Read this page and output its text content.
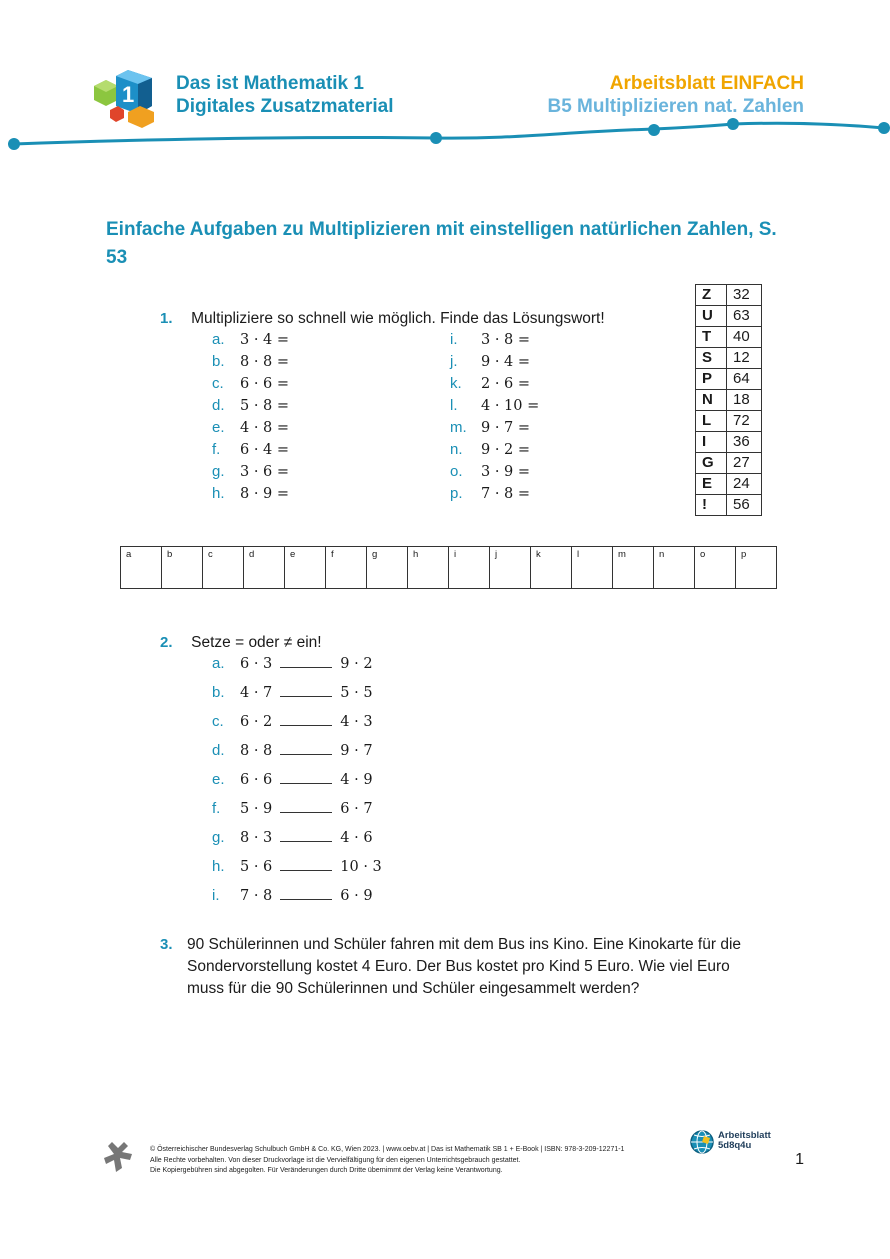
1 Das ist Mathematik 1
Digitales Zusatzmaterial
Arbeitsblatt EINFACH
B5 Multiplizieren nat. Zahlen
Einfache Aufgaben zu Multiplizieren mit einstelligen natürlichen Zahlen, S. 53
1. Multipliziere so schnell wie möglich. Finde das Lösungswort!
a. 3 · 4 =
b. 8 · 8 =
c. 6 · 6 =
d. 5 · 8 =
e. 4 · 8 =
f. 6 · 4 =
g. 3 · 6 =
h. 8 · 9 =
i. 3 · 8 =
j. 9 · 4 =
k. 2 · 6 =
l. 4 · 10 =
m. 9 · 7 =
n. 9 · 2 =
o. 3 · 9 =
p. 7 · 8 =
Z	32
U	63
T	40
S	12
P	64
N	18
L	72
I	36
G	27
E	24
!	56
a	b	c	d	e	f	g	h	i	j	k	l	m	n	o	p
2. Setze = oder ≠ ein!
a. 6 · 3	9 · 2
b. 4 · 7	5 · 5
c. 6 · 2	4 · 3
d. 8 · 8	9 · 7
e. 6 · 6	4 · 9
f. 5 · 9	6 · 7
g. 8 · 3	4 · 6
h. 5 · 6	10 · 3
i. 7 · 8	6 · 9
3. 90 Schülerinnen und Schüler fahren mit dem Bus ins Kino. Eine Kinokarte für die
Sondervorstellung kostet 4 Euro. Der Bus kostet pro Kind 5 Euro. Wie viel Euro
muss für die 90 Schülerinnen und Schüler eingesammelt werden?
© Österreichischer Bundesverlag Schulbuch GmbH & Co. KG, Wien 2023. | www.oebv.at | Das ist Mathematik SB 1 + E-Book | ISBN: 978-3-209-12271-1
Alle Rechte vorbehalten. Von dieser Druckvorlage ist die Vervielfältigung für den eigenen Unterrichtsgebrauch gestattet.
Die Kopiergebühren sind abgegolten. Für Veränderungen durch Dritte übernimmt der Verlag keine Verantwortung.
Arbeitsblatt
5d8q4u
1
